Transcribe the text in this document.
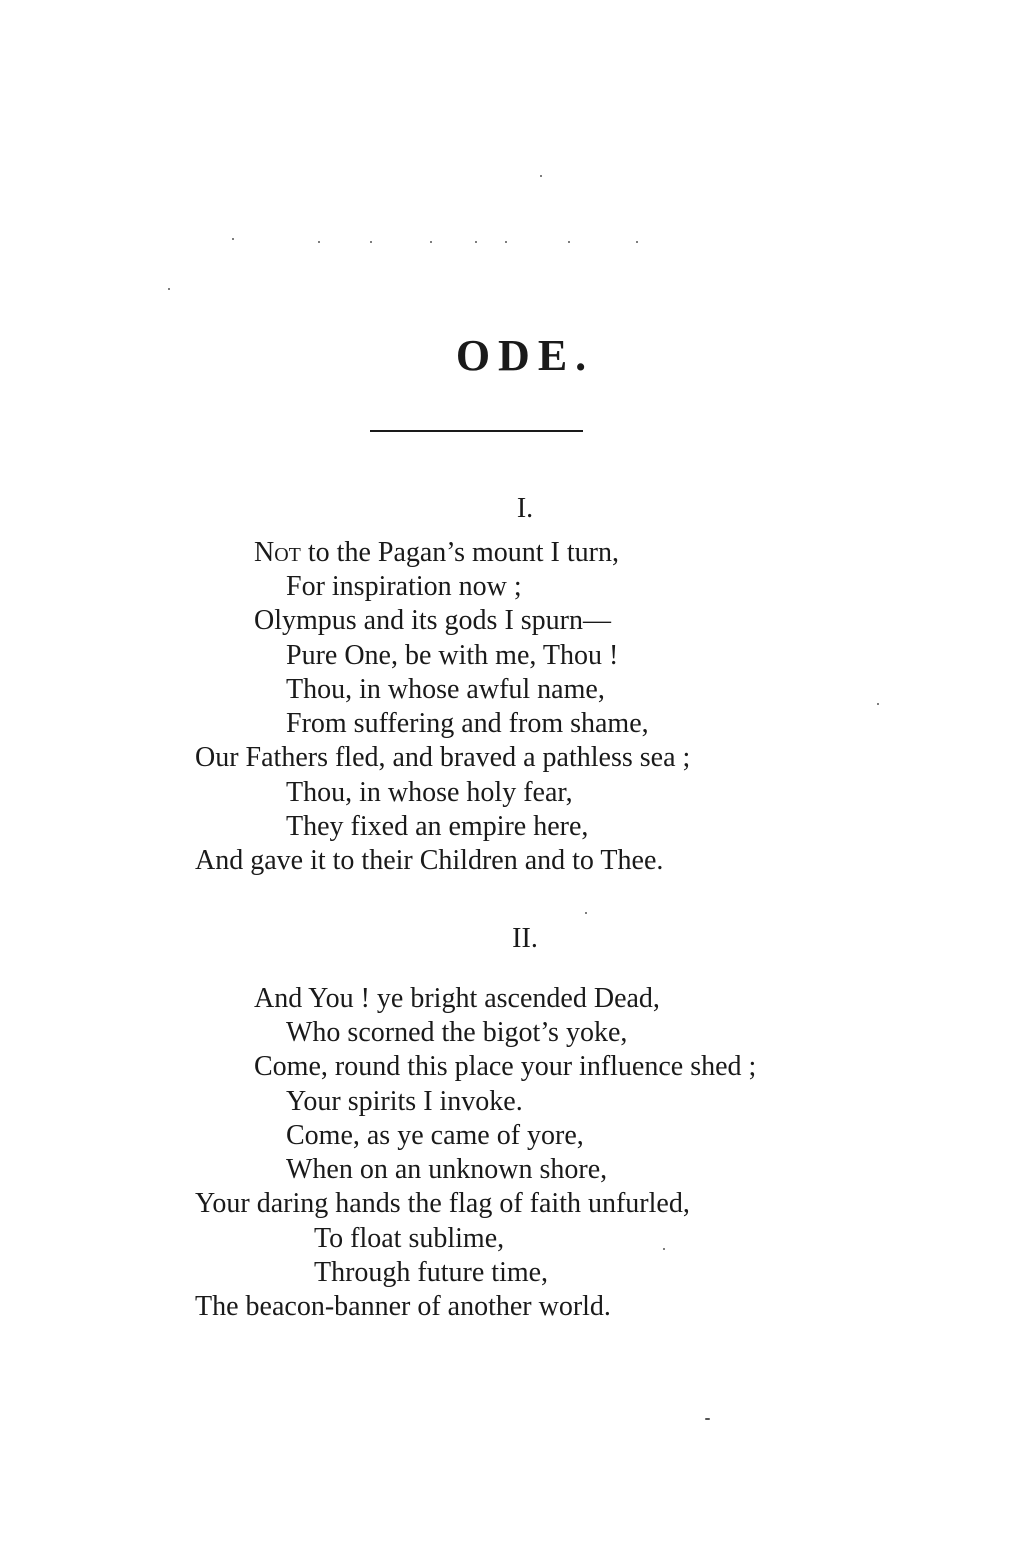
ODE.
I.
Not to the Pagan’s mount I turn,
For inspiration now ;
Olympus and its gods I spurn—
Pure One, be with me, Thou !
Thou, in whose awful name,
From suffering and from shame,
Our Fathers fled, and braved a pathless sea ;
Thou, in whose holy fear,
They fixed an empire here,
And gave it to their Children and to Thee.
II.
And You ! ye bright ascended Dead,
Who scorned the bigot’s yoke,
Come, round this place your influence shed ;
Your spirits I invoke.
Come, as ye came of yore,
When on an unknown shore,
Your daring hands the flag of faith unfurled,
To float sublime,
Through future time,
The beacon-banner of another world.
